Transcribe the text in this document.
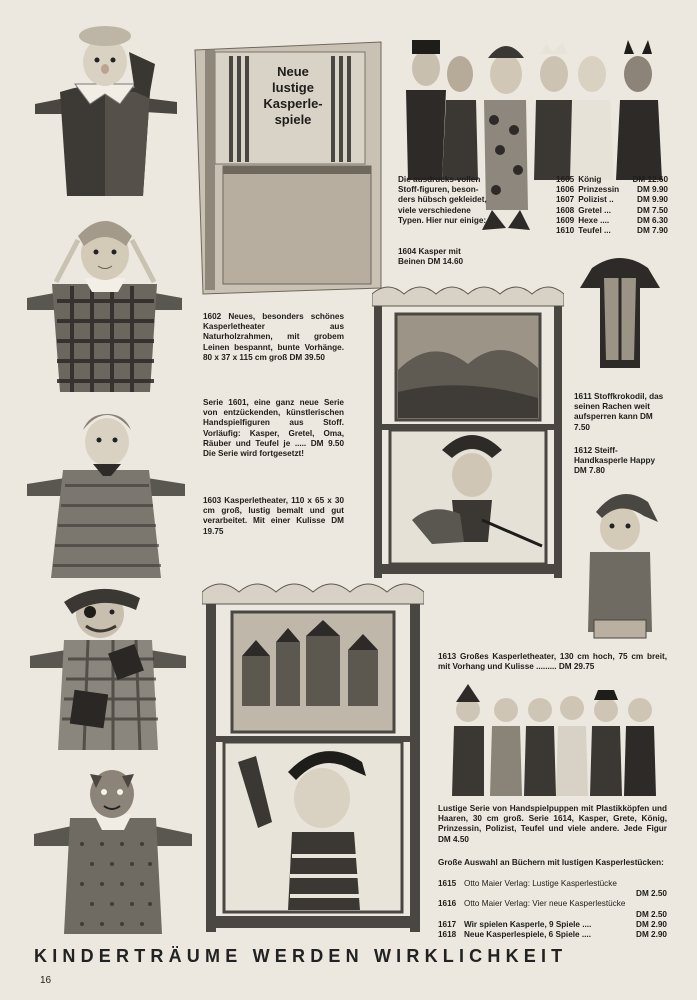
Neue lustige Kasperle-spiele
Die ausdrucks-vollen Stoff-figuren, beson-ders hübsch gekleidet, viele verschiedene Typen. Hier nur einige:
1604 Kasper mit Beinen DM 14.60
1605 König	DM 12.60
1606 Prinzessin	DM 9.90
1607 Polizist ..	DM 9.90
1608 Gretel ...	DM 7.50
1609 Hexe ....	DM 6.30
1610 Teufel ...	DM 7.90
1602 Neues, besonders schönes Kasperletheater aus Naturholzrahmen, mit grobem Leinen bespannt, bunte Vorhänge. 80 x 37 x 115 cm groß DM 39.50
Serie 1601, eine ganz neue Serie von entzückenden, künstlerischen Handspielfiguren aus Stoff. Vorläufig: Kasper, Gretel, Oma, Räuber und Teufel je ..... DM 9.50 Die Serie wird fortgesetzt!
1603 Kasperletheater, 110 x 65 x 30 cm groß, lustig bemalt und gut verarbeitet. Mit einer Kulisse DM 19.75
1611 Stoffkrokodil, das seinen Rachen weit aufsperren kann DM 7.50
1612 Steiff-Handkasperle Happy DM 7.80
1613 Großes Kasperletheater, 130 cm hoch, 75 cm breit, mit Vorhang und Kulisse ......... DM 29.75
Lustige Serie von Handspielpuppen mit Plastikköpfen und Haaren, 30 cm groß. Serie 1614, Kasper, Grete, König, Prinzessin, Polizist, Teufel und viele andere. Jede Figur DM 4.50
Große Auswahl an Büchern mit lustigen Kasperlestücken:
1615 Otto Maier Verlag: Lustige Kasperlestücke
DM 2.50
1616 Otto Maier Verlag: Vier neue Kasperlestücke
DM 2.50
1617 Wir spielen Kasperle, 9 Spiele ....	DM 2.90
1618 Neue Kasperlespiele, 6 Spiele ....	DM 2.90
KINDERTRÄUME WERDEN WIRKLICHKEIT
16
